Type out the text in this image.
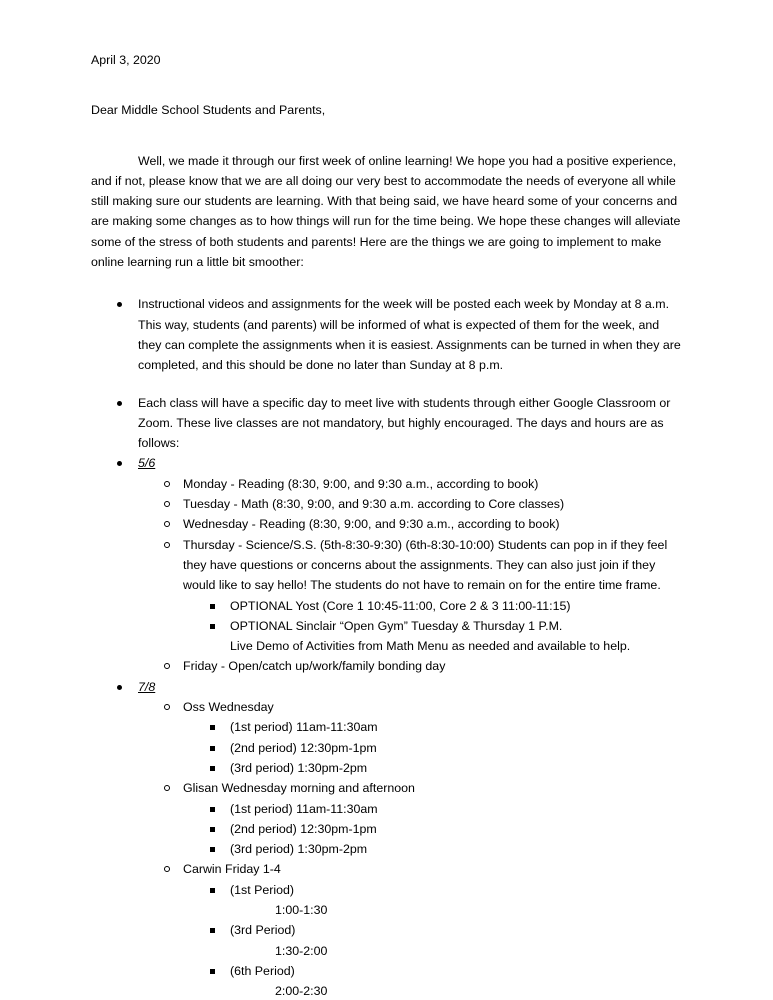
April 3, 2020

Dear Middle School Students and Parents,

Well, we made it through our first week of online learning! We hope you had a positive experience, and if not, please know that we are all doing our very best to accommodate the needs of everyone all while still making sure our students are learning. With that being said, we have heard some of your concerns and are making some changes as to how things will run for the time being. We hope these changes will alleviate some of the stress of both students and parents! Here are the things we are going to implement to make online learning run a little bit smoother:

Instructional videos and assignments for the week will be posted each week by Monday at 8 a.m. This way, students (and parents) will be informed of what is expected of them for the week, and they can complete the assignments when it is easiest. Assignments can be turned in when they are completed, and this should be done no later than Sunday at 8 p.m.
Each class will have a specific day to meet live with students through either Google Classroom or Zoom. These live classes are not mandatory, but highly encouraged. The days and hours are as follows:
5/6
Monday - Reading (8:30, 9:00, and 9:30 a.m., according to book)
Tuesday - Math (8:30, 9:00, and 9:30 a.m. according to Core classes)
Wednesday - Reading (8:30, 9:00, and 9:30 a.m., according to book)
Thursday - Science/S.S. (5th-8:30-9:30) (6th-8:30-10:00) Students can pop in if they feel they have questions or concerns about the assignments. They can also just join if they would like to say hello! The students do not have to remain on for the entire time frame.
OPTIONAL Yost (Core 1 10:45-11:00, Core 2 & 3 11:00-11:15)
OPTIONAL Sinclair “Open Gym” Tuesday & Thursday 1 P.M.
Live Demo of Activities from Math Menu as needed and available to help.
Friday - Open/catch up/work/family bonding day
7/8
Oss Wednesday
(1st period) 11am-11:30am
(2nd period) 12:30pm-1pm
(3rd period) 1:30pm-2pm
Glisan Wednesday morning and afternoon
(1st period) 11am-11:30am
(2nd period) 12:30pm-1pm
(3rd period) 1:30pm-2pm
Carwin Friday 1-4
(1st Period)

1:00-1:30

(3rd Period)

1:30-2:00

(6th Period)

2:00-2:30
